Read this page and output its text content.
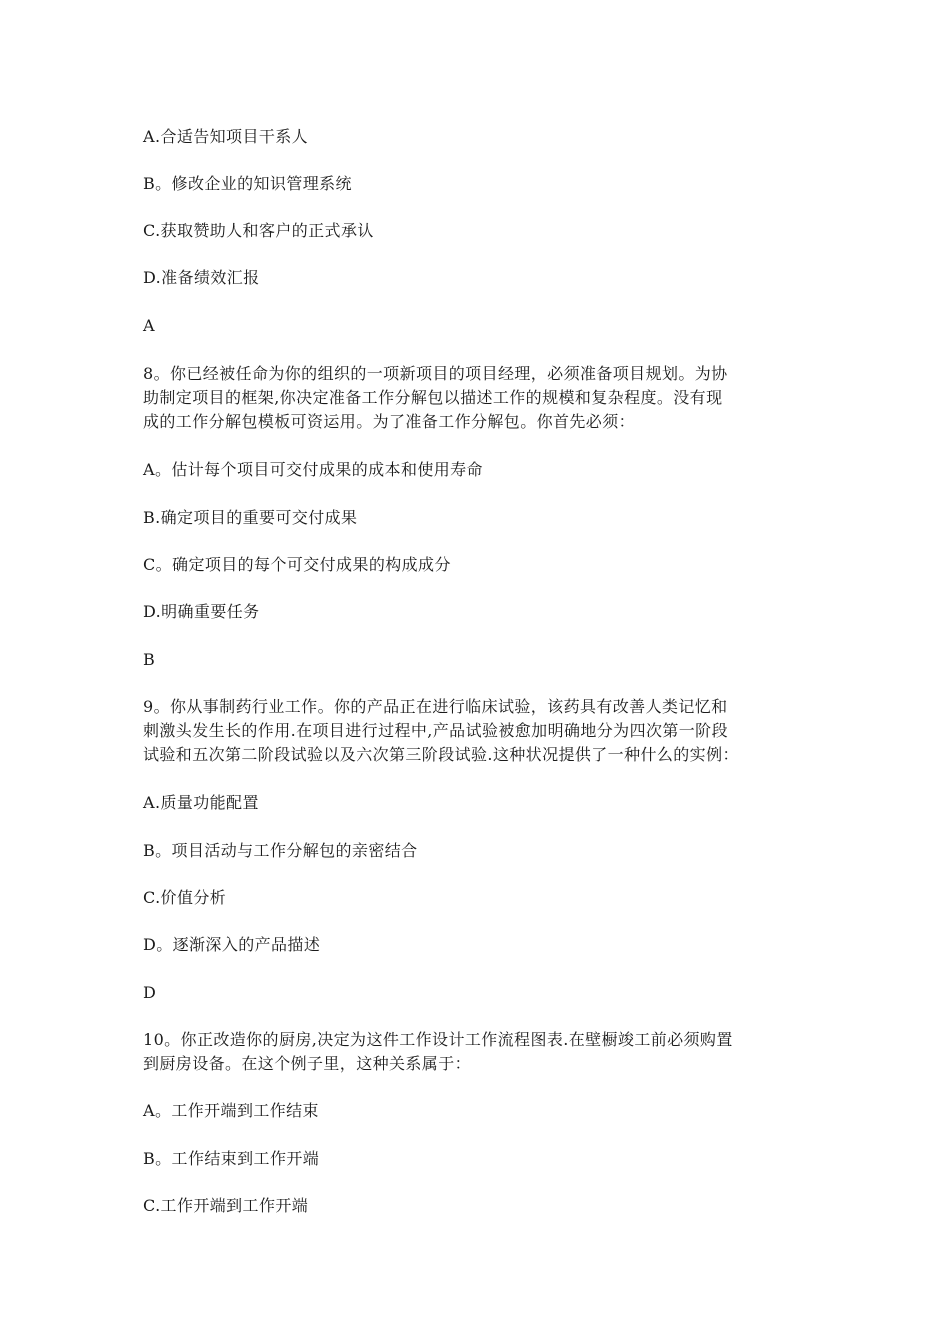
A.合适告知项目干系人
B。修改企业的知识管理系统
C.获取赞助人和客户的正式承认
D.准备绩效汇报
A
8。你已经被任命为你的组织的一项新项目的项目经理，必须准备项目规划。为协
助制定项目的框架,你决定准备工作分解包以描述工作的规模和复杂程度。没有现
成的工作分解包模板可资运用。为了准备工作分解包。你首先必须：
A。估计每个项目可交付成果的成本和使用寿命
B.确定项目的重要可交付成果
C。确定项目的每个可交付成果的构成成分
D.明确重要任务
B
9。你从事制药行业工作。你的产品正在进行临床试验，该药具有改善人类记忆和
刺激头发生长的作用.在项目进行过程中,产品试验被愈加明确地分为四次第一阶段
试验和五次第二阶段试验以及六次第三阶段试验.这种状况提供了一种什么的实例：
A.质量功能配置
B。项目活动与工作分解包的亲密结合
C.价值分析
D。逐渐深入的产品描述
D
10。你正改造你的厨房,决定为这件工作设计工作流程图表.在壁橱竣工前必须购置
到厨房设备。在这个例子里，这种关系属于：
A。工作开端到工作结束
B。工作结束到工作开端
C.工作开端到工作开端
